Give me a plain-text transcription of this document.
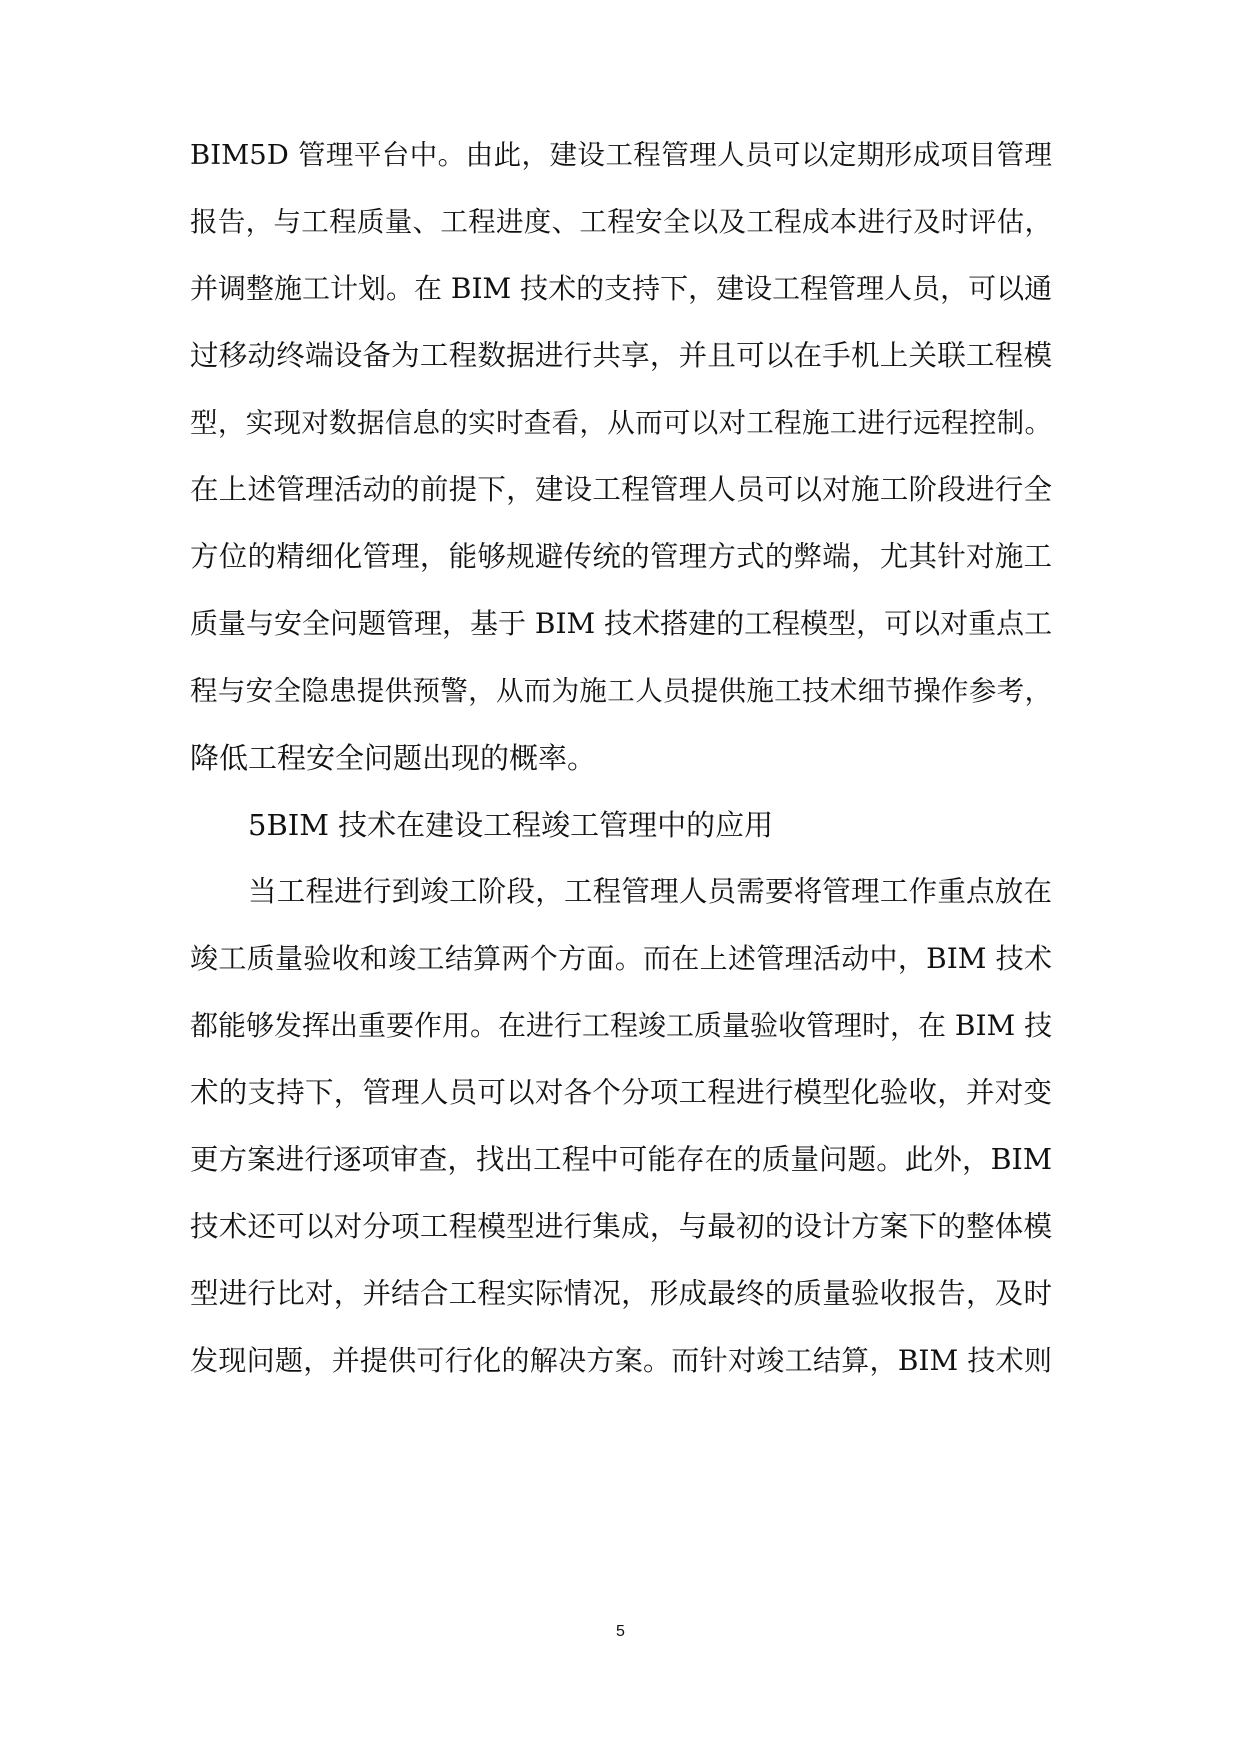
BIM5D 管理平台中。由此，建设工程管理人员可以定期形成项目管理
报告，与工程质量、工程进度、工程安全以及工程成本进行及时评估，
并调整施工计划。在 BIM 技术的支持下，建设工程管理人员，可以通
过移动终端设备为工程数据进行共享，并且可以在手机上关联工程模
型，实现对数据信息的实时查看，从而可以对工程施工进行远程控制。
在上述管理活动的前提下，建设工程管理人员可以对施工阶段进行全
方位的精细化管理，能够规避传统的管理方式的弊端，尤其针对施工
质量与安全问题管理，基于 BIM 技术搭建的工程模型，可以对重点工
程与安全隐患提供预警，从而为施工人员提供施工技术细节操作参考，
降低工程安全问题出现的概率。
5BIM 技术在建设工程竣工管理中的应用
当工程进行到竣工阶段，工程管理人员需要将管理工作重点放在
竣工质量验收和竣工结算两个方面。而在上述管理活动中，BIM 技术
都能够发挥出重要作用。在进行工程竣工质量验收管理时，在 BIM 技
术的支持下，管理人员可以对各个分项工程进行模型化验收，并对变
更方案进行逐项审查，找出工程中可能存在的质量问题。此外，BIM
技术还可以对分项工程模型进行集成，与最初的设计方案下的整体模
型进行比对，并结合工程实际情况，形成最终的质量验收报告，及时
发现问题，并提供可行化的解决方案。而针对竣工结算，BIM 技术则
5
